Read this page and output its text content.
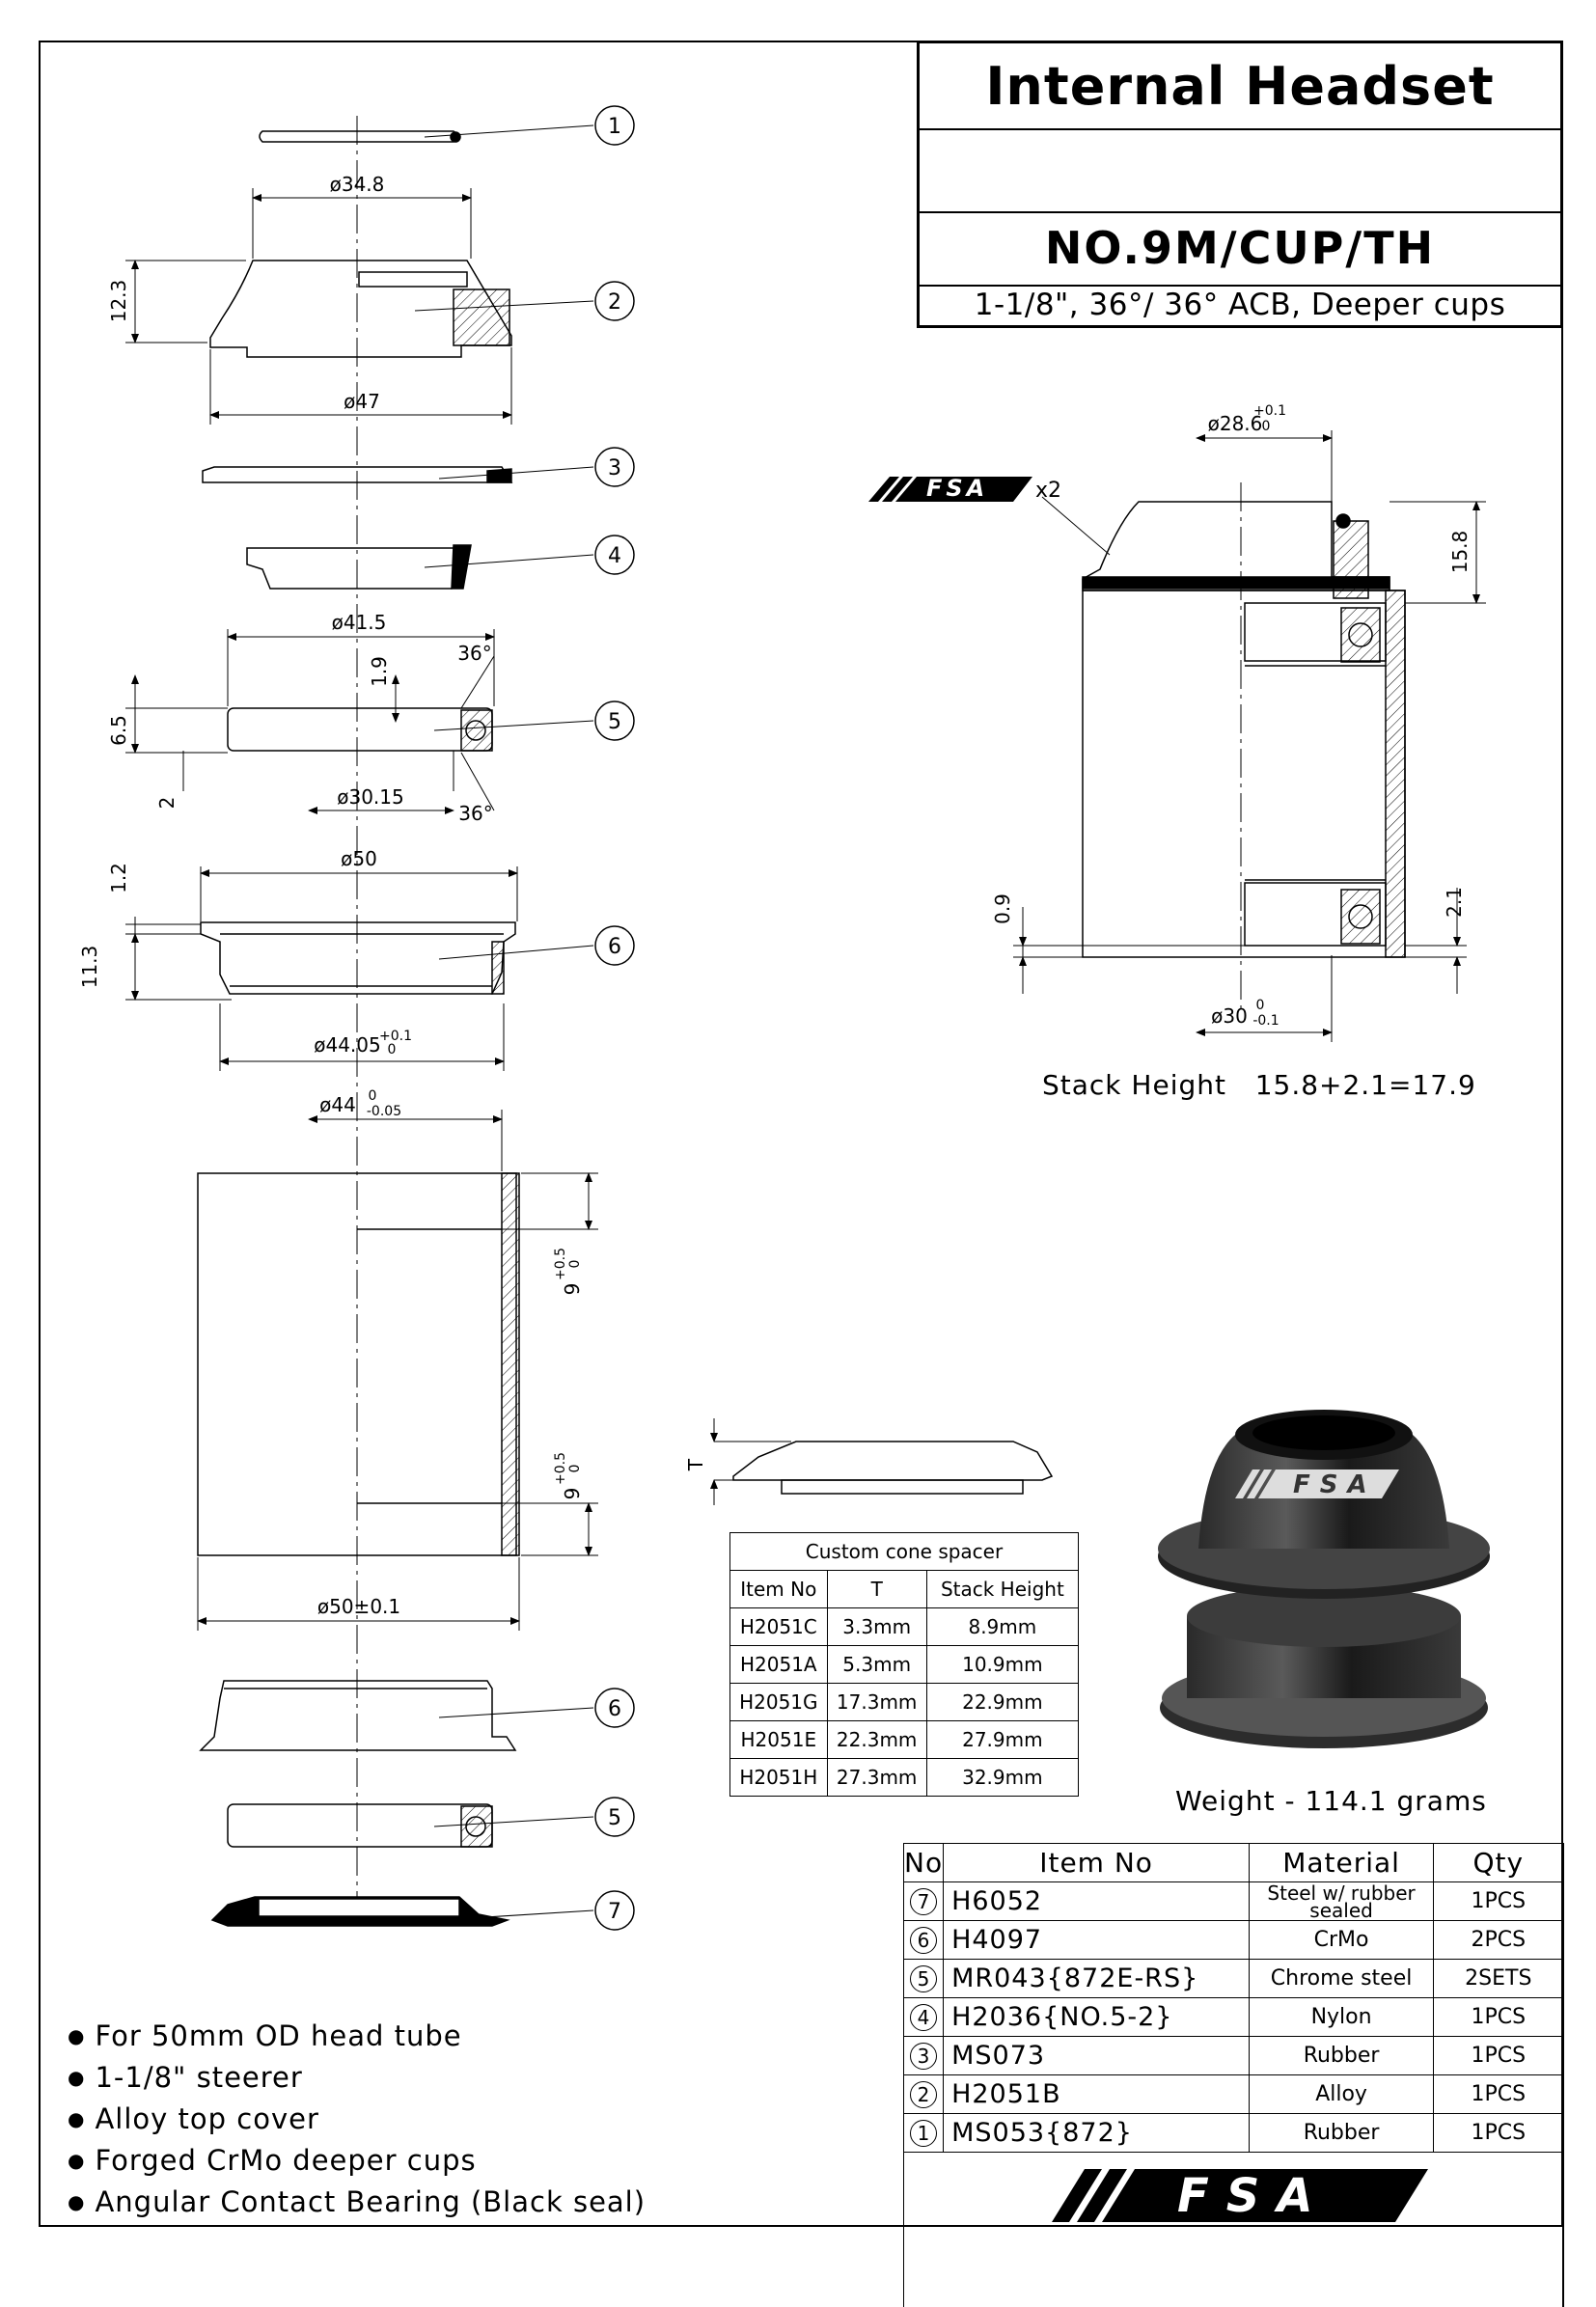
1
2
3
4
5
6
6
5
7
ø34.8
12.3
ø47
ø41.5
1.9
36°
6.5
2	ø30.15
36°
ø50
1.2
11.3
ø44.05
+0.1
0
ø44 0
-0.05
9
+0.5 0
9
+0.5 0
ø50±0.1
ø28.6
+0.1
0
15.8
0.9	2.1
ø30 0
-0.1
T
FSA x2
FSA
Internal Headset
NO.9M/CUP/TH
1-1/8", 36°/ 36° ACB, Deeper cups
Stack Height 15.8+2.1=17.9
Custom cone spacer		
Item No	T	Stack Height
H2051C	3.3mm	8.9mm
H2051A	5.3mm	10.9mm
H2051G	17.3mm	22.9mm
H2051E	22.3mm	27.9mm
H2051H	27.3mm	32.9mm
FSA
Weight - 114.1 grams
No	Item No	Material	Qty
7	H6052	Steel w/ rubber sealed	1PCS
6	H4097	CrMo	2PCS
5	MR043{872E-RS}	Chrome steel	2SETS
4	H2036{NO.5-2}	Nylon	1PCS
3	MS073	Rubber	1PCS
2	H2051B	Alloy	1PCS
1	MS053{872}	Rubber	1PCS

● For 50mm OD head tube
● 1-1/8" steerer
● Alloy top cover
● Forged CrMo deeper cups
● Angular Contact Bearing (Black seal)
